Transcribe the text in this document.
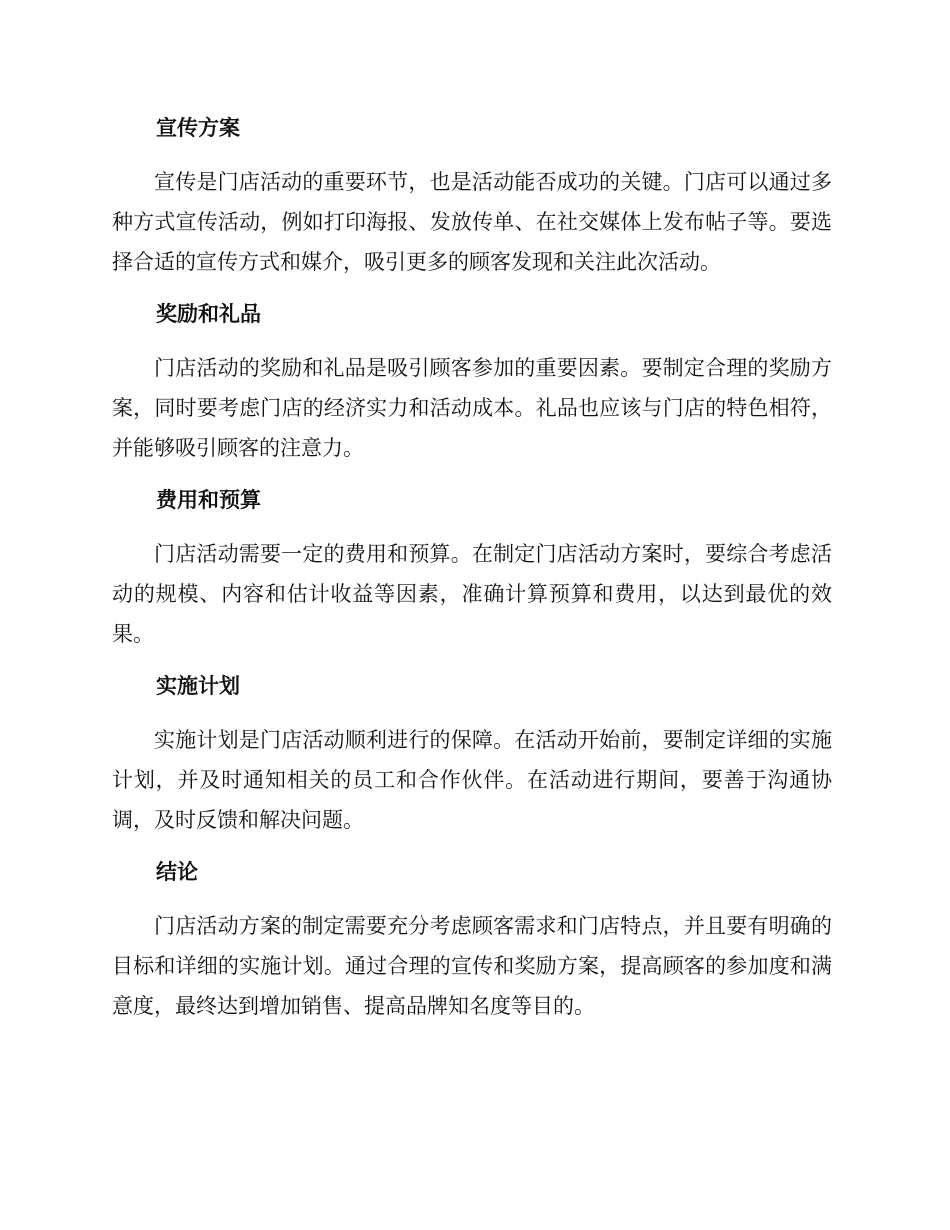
宣传方案

宣传是门店活动的重要环节，也是活动能否成功的关键。门店可以通过多种方式宣传活动，例如打印海报、发放传单、在社交媒体上发布帖子等。要选择合适的宣传方式和媒介，吸引更多的顾客发现和关注此次活动。

奖励和礼品

门店活动的奖励和礼品是吸引顾客参加的重要因素。要制定合理的奖励方案，同时要考虑门店的经济实力和活动成本。礼品也应该与门店的特色相符，并能够吸引顾客的注意力。

费用和预算

门店活动需要一定的费用和预算。在制定门店活动方案时，要综合考虑活动的规模、内容和估计收益等因素，准确计算预算和费用，以达到最优的效果。

实施计划

实施计划是门店活动顺利进行的保障。在活动开始前，要制定详细的实施计划，并及时通知相关的员工和合作伙伴。在活动进行期间，要善于沟通协调，及时反馈和解决问题。

结论

门店活动方案的制定需要充分考虑顾客需求和门店特点，并且要有明确的目标和详细的实施计划。通过合理的宣传和奖励方案，提高顾客的参加度和满意度，最终达到增加销售、提高品牌知名度等目的。
